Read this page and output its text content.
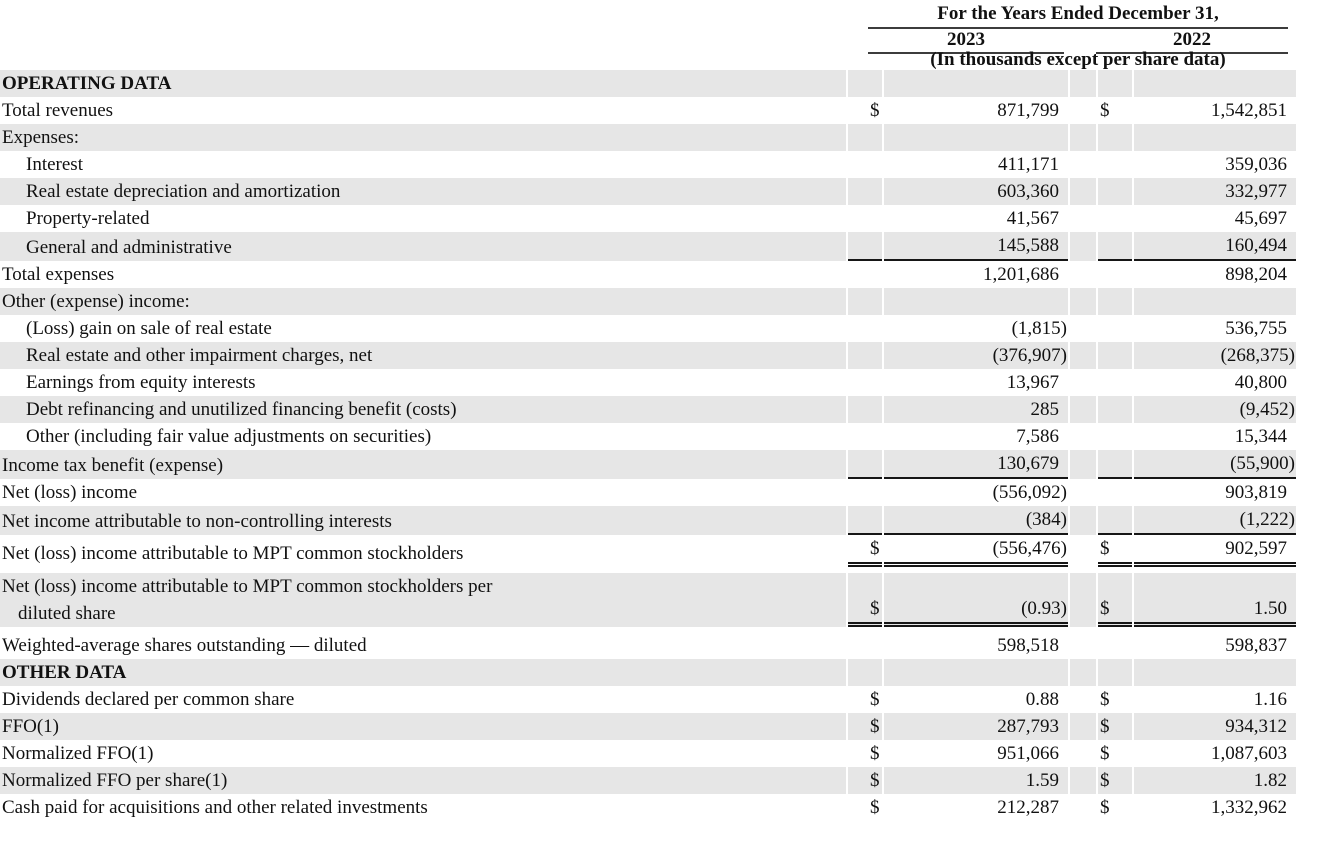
For the Years Ended December 31,
2023	2022
(In thousands except per share data)
OPERATING DATA					
Total revenues	$	871,799		$	1,542,851
Expenses:					
Interest		411,171			359,036
Real estate depreciation and amortization		603,360			332,977
Property-related		41,567			45,697
General and administrative		145,588			160,494
Total expenses		1,201,686			898,204
Other (expense) income:					
(Loss) gain on sale of real estate		(1,815)			536,755
Real estate and other impairment charges, net		(376,907)			(268,375)
Earnings from equity interests		13,967			40,800
Debt refinancing and unutilized financing benefit (costs)		285			(9,452)
Other (including fair value adjustments on securities)		7,586			15,344
Income tax benefit (expense)		130,679			(55,900)
Net (loss) income		(556,092)			903,819
Net income attributable to non-controlling interests		(384)			(1,222)
Net (loss) income attributable to MPT common stockholders	$	(556,476)		$	902,597

Net (loss) income attributable to MPT common stockholders per
diluted share	$	(0.93)		$	1.50

Weighted-average shares outstanding — diluted		598,518			598,837
OTHER DATA					
Dividends declared per common share	$	0.88		$	1.16
FFO(1)	$	287,793		$	934,312
Normalized FFO(1)	$	951,066		$	1,087,603
Normalized FFO per share(1)	$	1.59		$	1.82
Cash paid for acquisitions and other related investments	$	212,287		$	1,332,962
